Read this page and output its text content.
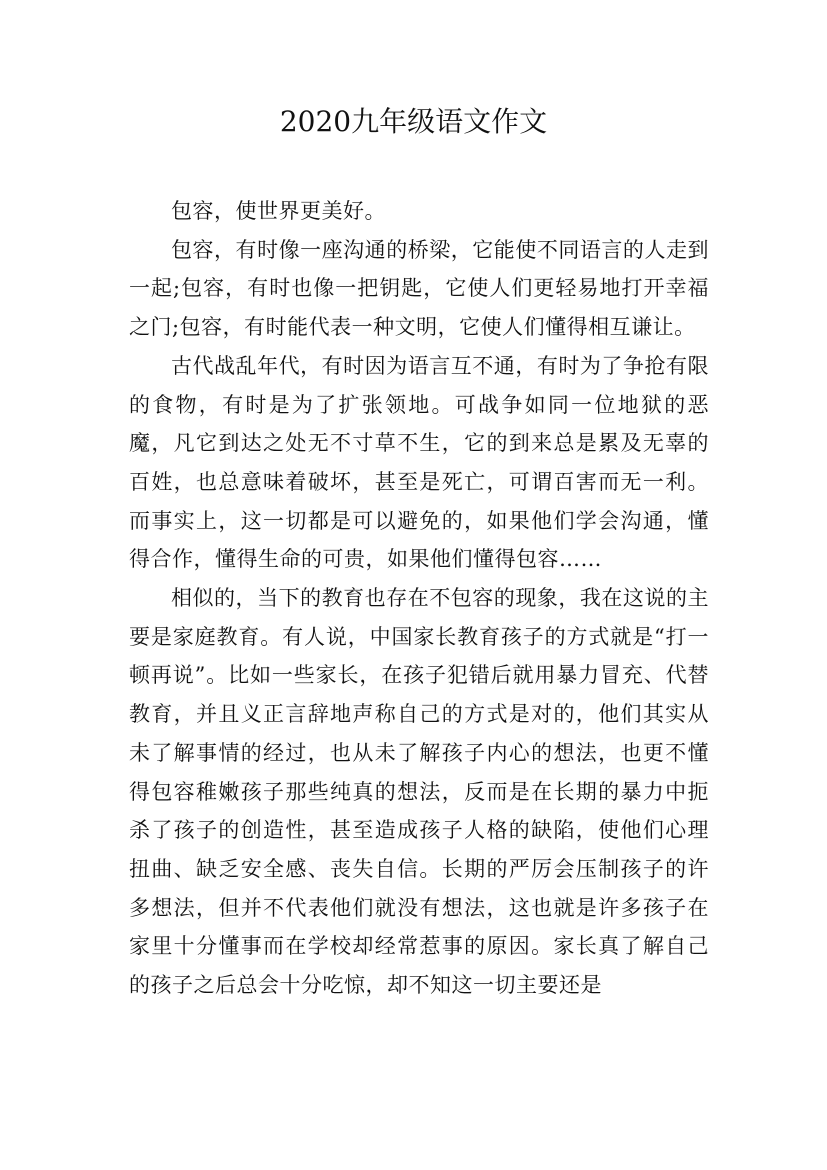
2020九年级语文作文

包容，使世界更美好。

包容，有时像一座沟通的桥梁，它能使不同语言的人走到一起;包容，有时也像一把钥匙，它使人们更轻易地打开幸福之门;包容，有时能代表一种文明，它使人们懂得相互谦让。

古代战乱年代，有时因为语言互不通，有时为了争抢有限的食物，有时是为了扩张领地。可战争如同一位地狱的恶魔，凡它到达之处无不寸草不生，它的到来总是累及无辜的百姓，也总意味着破坏，甚至是死亡，可谓百害而无一利。而事实上，这一切都是可以避免的，如果他们学会沟通，懂得合作，懂得生命的可贵，如果他们懂得包容……

相似的，当下的教育也存在不包容的现象，我在这说的主要是家庭教育。有人说，中国家长教育孩子的方式就是“打一顿再说”。比如一些家长，在孩子犯错后就用暴力冒充、代替教育，并且义正言辞地声称自己的方式是对的，他们其实从未了解事情的经过，也从未了解孩子内心的想法，也更不懂得包容稚嫩孩子那些纯真的想法，反而是在长期的暴力中扼杀了孩子的创造性，甚至造成孩子人格的缺陷，使他们心理扭曲、缺乏安全感、丧失自信。长期的严厉会压制孩子的许多想法，但并不代表他们就没有想法，这也就是许多孩子在家里十分懂事而在学校却经常惹事的原因。家长真了解自己的孩子之后总会十分吃惊，却不知这一切主要还是
